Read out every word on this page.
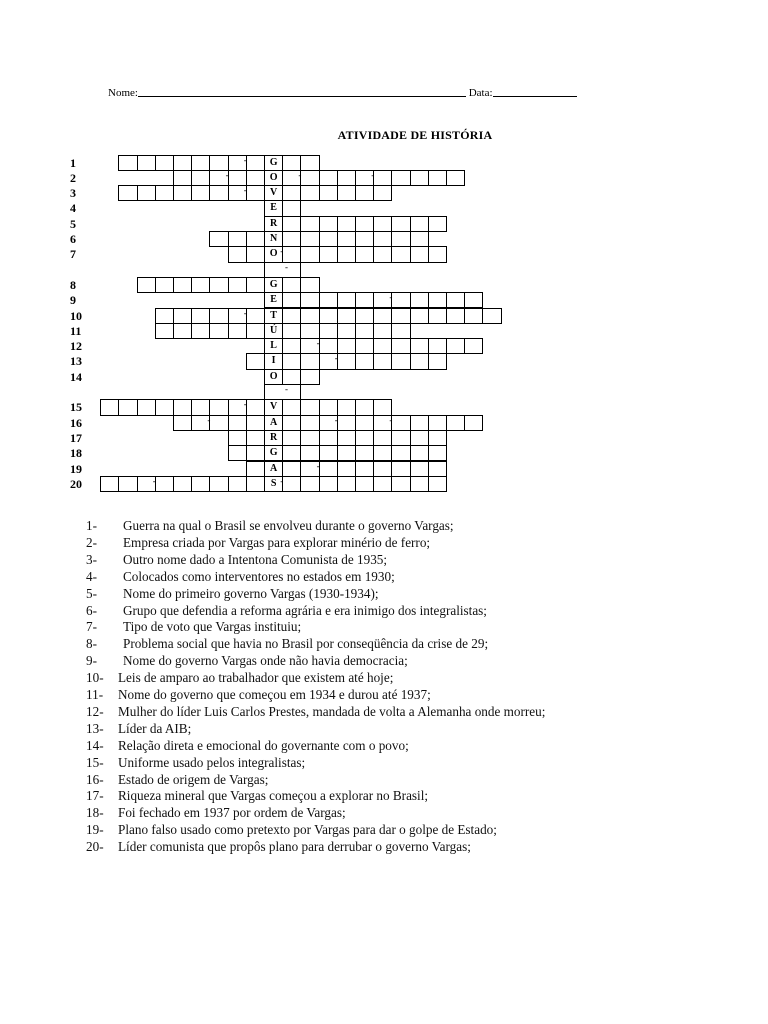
Nome:	Data:
ATIVIDADE DE HISTÓRIA
1	G
-
2	O
-	-	-
3	V
-
4	E
5	R
6	N
7	O -
-
8	G
9	E	-
10	T
-
11	Ú
12	L	-
13	I	-
14	O
-
15	V
-
16	A
-	-	-
17	R
18	G
19	A	-
20	S
-	-
1- Guerra na qual o Brasil se envolveu durante o governo Vargas;
2- Empresa criada por Vargas para explorar minério de ferro;
3- Outro nome dado a Intentona Comunista de 1935;
4- Colocados como interventores no estados em 1930;
5- Nome do primeiro governo Vargas (1930-1934);
6- Grupo que defendia a reforma agrária e era inimigo dos integralistas;
7- Tipo de voto que Vargas instituiu;
8- Problema social que havia no Brasil por conseqüência da crise de 29;
9- Nome do governo Vargas onde não havia democracia;
10- Leis de amparo ao trabalhador que existem até hoje;
11- Nome do governo que começou em 1934 e durou até 1937;
12- Mulher do líder Luis Carlos Prestes, mandada de volta a Alemanha onde morreu;
13- Líder da AIB;
14- Relação direta e emocional do governante com o povo;
15- Uniforme usado pelos integralistas;
16- Estado de origem de Vargas;
17- Riqueza mineral que Vargas começou a explorar no Brasil;
18- Foi fechado em 1937 por ordem de Vargas;
19- Plano falso usado como pretexto por Vargas para dar o golpe de Estado;
20- Líder comunista que propôs plano para derrubar o governo Vargas;
